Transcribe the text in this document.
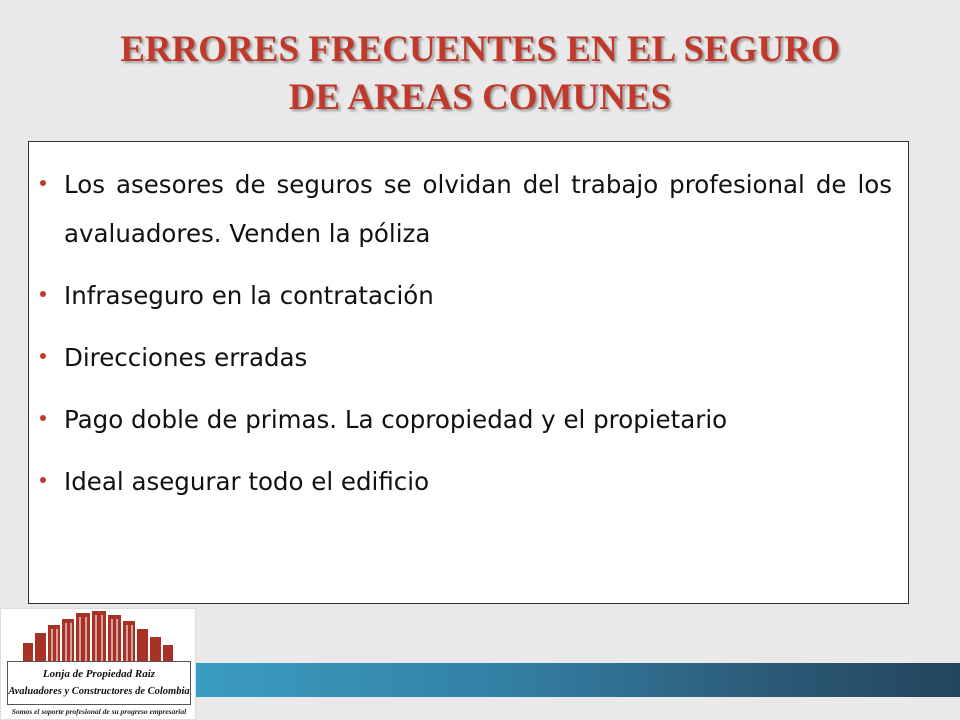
ERRORES FRECUENTES EN EL SEGURO
DE AREAS COMUNES
Los asesores de seguros se olvidan del trabajo profesional de los avaluadores. Venden la póliza
Infraseguro en la contratación
Direcciones erradas
Pago doble de primas. La copropiedad y el propietario
Ideal asegurar todo el edificio
Lonja de Propiedad Raiz
Avaluadores y Constructores de Colombia
Somos el soporte profesional de su progreso empresarial
